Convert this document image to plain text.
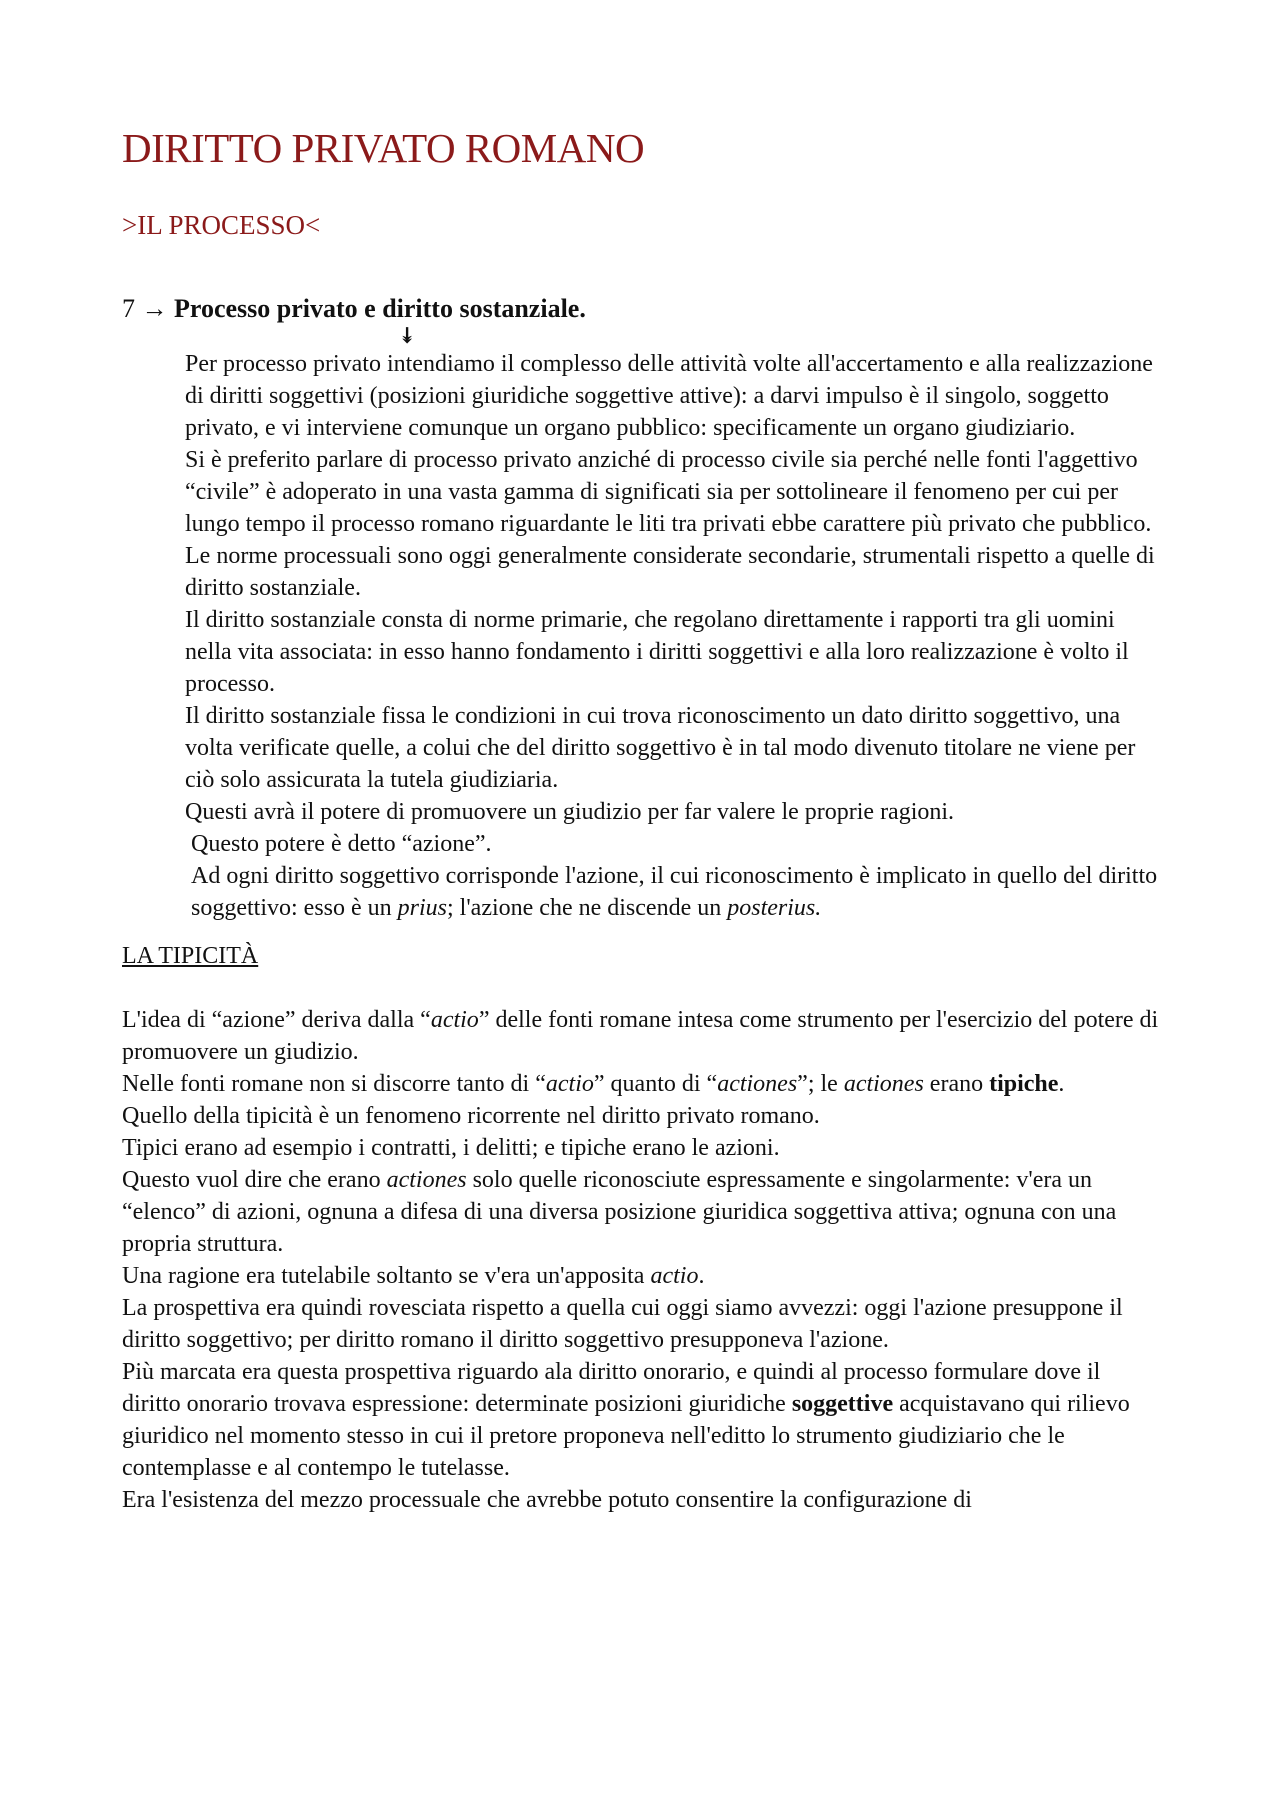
DIRITTO PRIVATO ROMANO
>IL PROCESSO<
7 → Processo privato e diritto sostanziale.
↡

Per processo privato intendiamo il complesso delle attività volte all'accertamento e alla realizzazione di diritti soggettivi (posizioni giuridiche soggettive attive): a darvi impulso è il singolo, soggetto privato, e vi interviene comunque un organo pubblico: specificamente un organo giudiziario.

Si è preferito parlare di processo privato anziché di processo civile sia perché nelle fonti l'aggettivo “civile” è adoperato in una vasta gamma di significati sia per sottolineare il fenomeno per cui per lungo tempo il processo romano riguardante le liti tra privati ebbe carattere più privato che pubblico.

Le norme processuali sono oggi generalmente considerate secondarie, strumentali rispetto a quelle di diritto sostanziale.

Il diritto sostanziale consta di norme primarie, che regolano direttamente i rapporti tra gli uomini nella vita associata: in esso hanno fondamento i diritti soggettivi e alla loro realizzazione è volto il processo.

Il diritto sostanziale fissa le condizioni in cui trova riconoscimento un dato diritto soggettivo, una volta verificate quelle, a colui che del diritto soggettivo è in tal modo divenuto titolare ne viene per ciò solo assicurata la tutela giudiziaria.

Questi avrà il potere di promuovere un giudizio per far valere le proprie ragioni.

Questo potere è detto “azione”.

Ad ogni diritto soggettivo corrisponde l'azione, il cui riconoscimento è implicato in quello del diritto soggettivo: esso è un prius; l'azione che ne discende un posterius.

LA TIPICITÀ

L'idea di “azione” deriva dalla “actio” delle fonti romane intesa come strumento per l'esercizio del potere di promuovere un giudizio.

Nelle fonti romane non si discorre tanto di “actio” quanto di “actiones”; le actiones erano tipiche.

Quello della tipicità è un fenomeno ricorrente nel diritto privato romano.

Tipici erano ad esempio i contratti, i delitti; e tipiche erano le azioni.

Questo vuol dire che erano actiones solo quelle riconosciute espressamente e singolarmente: v'era un “elenco” di azioni, ognuna a difesa di una diversa posizione giuridica soggettiva attiva; ognuna con una propria struttura.

Una ragione era tutelabile soltanto se v'era un'apposita actio.

La prospettiva era quindi rovesciata rispetto a quella cui oggi siamo avvezzi: oggi l'azione presuppone il diritto soggettivo; per diritto romano il diritto soggettivo presupponeva l'azione.

Più marcata era questa prospettiva riguardo ala diritto onorario, e quindi al processo formulare dove il diritto onorario trovava espressione: determinate posizioni giuridiche soggettive acquistavano qui rilievo giuridico nel momento stesso in cui il pretore proponeva nell'editto lo strumento giudiziario che le contemplasse e al contempo le tutelasse.

Era l'esistenza del mezzo processuale che avrebbe potuto consentire la configurazione di
